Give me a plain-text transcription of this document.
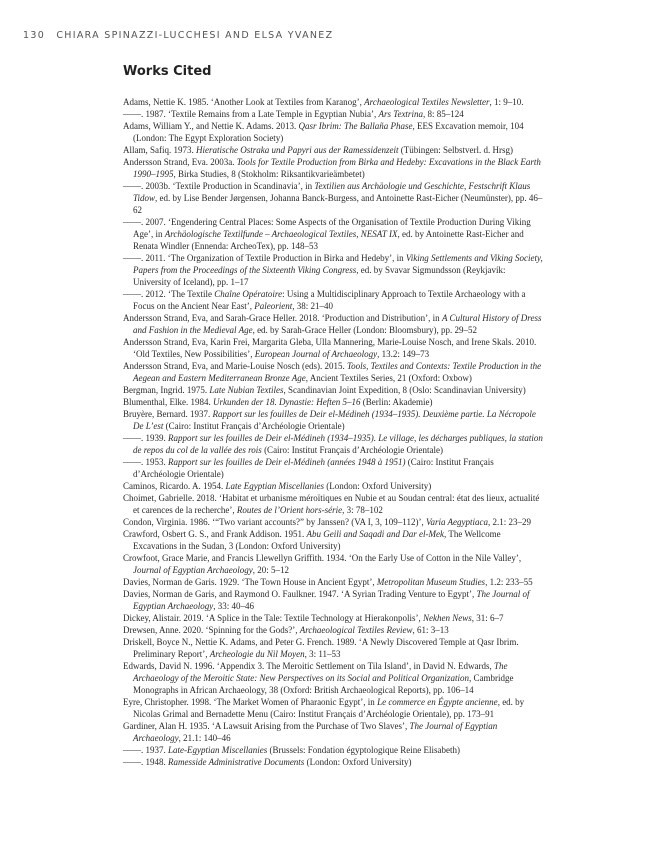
130 CHIARA SPINAZZI-LUCCHESI AND ELSA YVANEZ
Works Cited
Adams, Nettie K. 1985. ‘Another Look at Textiles from Karanog’, Archaeological Textiles Newsletter, 1: 9–10.
——. 1987. ‘Textile Remains from a Late Temple in Egyptian Nubia’, Ars Textrina, 8: 85–124
Adams, William Y., and Nettie K. Adams. 2013. Qasr Ibrim: The Ballaña Phase, EES Excavation memoir, 104 (London: The Egypt Exploration Society)
Allam, Safiq. 1973. Hieratische Ostraka und Papyri aus der Ramessidenzeit (Tübingen: Selbstverl. d. Hrsg)
Andersson Strand, Eva. 2003a. Tools for Textile Production from Birka and Hedeby: Excavations in the Black Earth 1990–1995, Birka Studies, 8 (Stokholm: Riksantikvarieämbetet)
——. 2003b. ‘Textile Production in Scandinavia’, in Textilien aus Archäologie und Geschichte, Festschrift Klaus Tidow, ed. by Lise Bender Jørgensen, Johanna Banck-Burgess, and Antoinette Rast-Eicher (Neumünster), pp. 46–62
——. 2007. ‘Engendering Central Places: Some Aspects of the Organisation of Textile Production During Viking Age’, in Archäologische Textilfunde – Archaeological Textiles, NESAT IX, ed. by Antoinette Rast-Eicher and Renata Windler (Ennenda: ArcheoTex), pp. 148–53
——. 2011. ‘The Organization of Textile Production in Birka and Hedeby’, in Viking Settlements and Viking Society, Papers from the Proceedings of the Sixteenth Viking Congress, ed. by Svavar Sigmundsson (Reykjavík: University of Iceland), pp. 1–17
——. 2012. ‘The Textile Chaîne Opératoire: Using a Multidisciplinary Approach to Textile Archaeology with a Focus on the Ancient Near East’, Paleorient, 38: 21–40
Andersson Strand, Eva, and Sarah-Grace Heller. 2018. ‘Production and Distribution’, in A Cultural History of Dress and Fashion in the Medieval Age, ed. by Sarah-Grace Heller (London: Bloomsbury), pp. 29–52
Andersson Strand, Eva, Karin Frei, Margarita Gleba, Ulla Mannering, Marie-Louise Nosch, and Irene Skals. 2010. ‘Old Textiles, New Possibilities’, European Journal of Archaeology, 13.2: 149–73
Andersson Strand, Eva, and Marie-Louise Nosch (eds). 2015. Tools, Textiles and Contexts: Textile Production in the Aegean and Eastern Mediterranean Bronze Age, Ancient Textiles Series, 21 (Oxford: Oxbow)
Bergman, Ingrid. 1975. Late Nubian Textiles, Scandinavian Joint Expedition, 8 (Oslo: Scandinavian University)
Blumenthal, Elke. 1984. Urkunden der 18. Dynastie: Heften 5–16 (Berlin: Akademie)
Bruyère, Bernard. 1937. Rapport sur les fouilles de Deir el-Médineh (1934–1935). Deuxième partie. La Nécropole De L’est (Cairo: Institut Français d’Archéologie Orientale)
——. 1939. Rapport sur les fouilles de Deir el-Médineh (1934–1935). Le village, les décharges publiques, la station de repos du col de la vallée des rois (Cairo: Institut Français d’Archéologie Orientale)
——. 1953. Rapport sur les fouilles de Deir el-Médineh (années 1948 à 1951) (Cairo: Institut Français d’Archéologie Orientale)
Caminos, Ricardo. A. 1954. Late Egyptian Miscellanies (London: Oxford University)
Choimet, Gabrielle. 2018. ‘Habitat et urbanisme méroïtiques en Nubie et au Soudan central: état des lieux, actualité et carences de la recherche’, Routes de l’Orient hors-série, 3: 78–102
Condon, Virginia. 1986. ‘“Two variant accounts?” by Janssen? (VA I, 3, 109–112)’, Varia Aegyptiaca, 2.1: 23–29
Crawford, Osbert G. S., and Frank Addison. 1951. Abu Geili and Saqadi and Dar el-Mek, The Wellcome Excavations in the Sudan, 3 (London: Oxford University)
Crowfoot, Grace Marie, and Francis Llewellyn Griffith. 1934. ‘On the Early Use of Cotton in the Nile Valley’, Journal of Egyptian Archaeology, 20: 5–12
Davies, Norman de Garis. 1929. ‘The Town House in Ancient Egypt’, Metropolitan Museum Studies, 1.2: 233–55
Davies, Norman de Garis, and Raymond O. Faulkner. 1947. ‘A Syrian Trading Venture to Egypt’, The Journal of Egyptian Archaeology, 33: 40–46
Dickey, Alistair. 2019. ‘A Splice in the Tale: Textile Technology at Hierakonpolis’, Nekhen News, 31: 6–7
Drewsen, Anne. 2020. ‘Spinning for the Gods?’, Archaeological Textiles Review, 61: 3–13
Driskell, Boyce N., Nettie K. Adams, and Peter G. French. 1989. ‘A Newly Discovered Temple at Qasr Ibrim. Preliminary Report’, Archeologie du Nil Moyen, 3: 11–53
Edwards, David N. 1996. ‘Appendix 3. The Meroitic Settlement on Tila Island’, in David N. Edwards, The Archaeology of the Meroitic State: New Perspectives on its Social and Political Organization, Cambridge Monographs in African Archaeology, 38 (Oxford: British Archaeological Reports), pp. 106–14
Eyre, Christopher. 1998. ‘The Market Women of Pharaonic Egypt’, in Le commerce en Égypte ancienne, ed. by Nicolas Grimal and Bernadette Menu (Cairo: Institut Français d’Archéologie Orientale), pp. 173–91
Gardiner, Alan H. 1935. ‘A Lawsuit Arising from the Purchase of Two Slaves’, The Journal of Egyptian Archaeology, 21.1: 140–46
——. 1937. Late-Egyptian Miscellanies (Brussels: Fondation égyptologique Reine Elisabeth)
——. 1948. Ramesside Administrative Documents (London: Oxford University)
